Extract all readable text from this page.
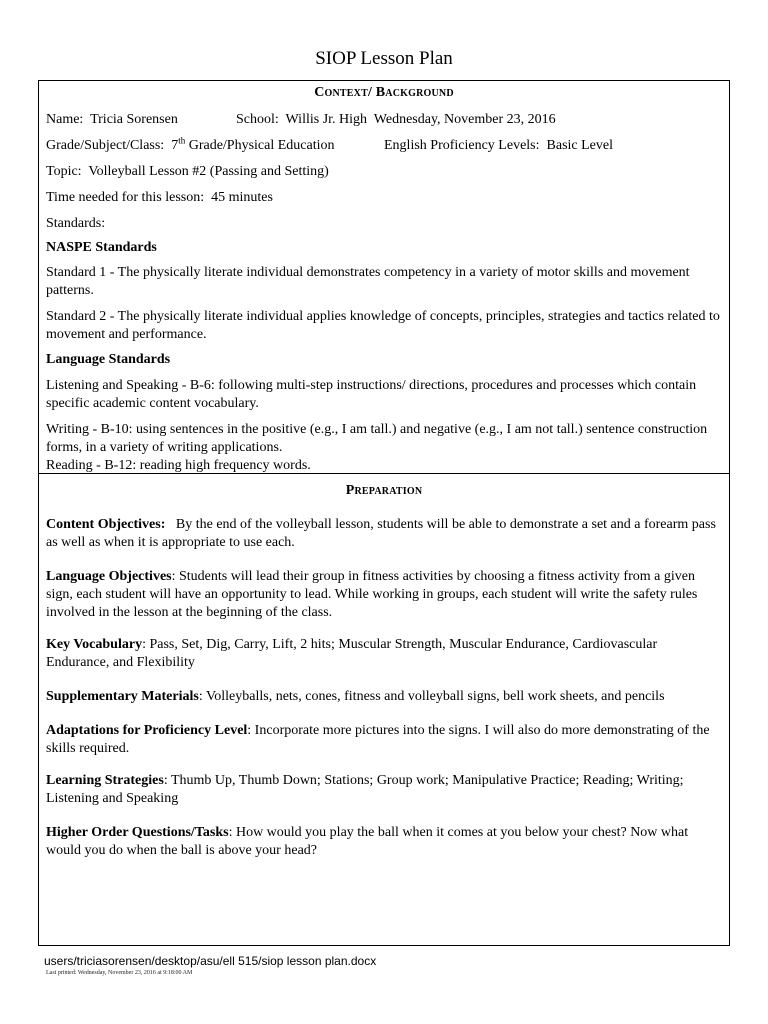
SIOP Lesson Plan
Context/ Background
Name: Tricia Sorensen	School: Willis Jr. High Wednesday, November 23, 2016
Grade/Subject/Class: 7th Grade/Physical Education	English Proficiency Levels: Basic Level
Topic: Volleyball Lesson #2 (Passing and Setting)
Time needed for this lesson: 45 minutes
Standards:
NASPE Standards
Standard 1 - The physically literate individual demonstrates competency in a variety of motor skills and movement patterns.
Standard 2 - The physically literate individual applies knowledge of concepts, principles, strategies and tactics related to movement and performance.
Language Standards
Listening and Speaking - B-6: following multi-step instructions/ directions, procedures and processes which contain specific academic content vocabulary.
Writing - B-10: using sentences in the positive (e.g., I am tall.) and negative (e.g., I am not tall.) sentence construction forms, in a variety of writing applications.
Reading - B-12: reading high frequency words.
Preparation
Content Objectives: By the end of the volleyball lesson, students will be able to demonstrate a set and a forearm pass as well as when it is appropriate to use each.
Language Objectives: Students will lead their group in fitness activities by choosing a fitness activity from a given sign, each student will have an opportunity to lead. While working in groups, each student will write the safety rules involved in the lesson at the beginning of the class.
Key Vocabulary: Pass, Set, Dig, Carry, Lift, 2 hits; Muscular Strength, Muscular Endurance, Cardiovascular Endurance, and Flexibility
Supplementary Materials: Volleyballs, nets, cones, fitness and volleyball signs, bell work sheets, and pencils
Adaptations for Proficiency Level: Incorporate more pictures into the signs. I will also do more demonstrating of the skills required.
Learning Strategies: Thumb Up, Thumb Down; Stations; Group work; Manipulative Practice; Reading; Writing; Listening and Speaking
Higher Order Questions/Tasks: How would you play the ball when it comes at you below your chest? Now what would you do when the ball is above your head?
users/triciasorensen/desktop/asu/ell 515/siop lesson plan.docx
Last printed: Wednesday, November 23, 2016 at 9:18:00 AM
